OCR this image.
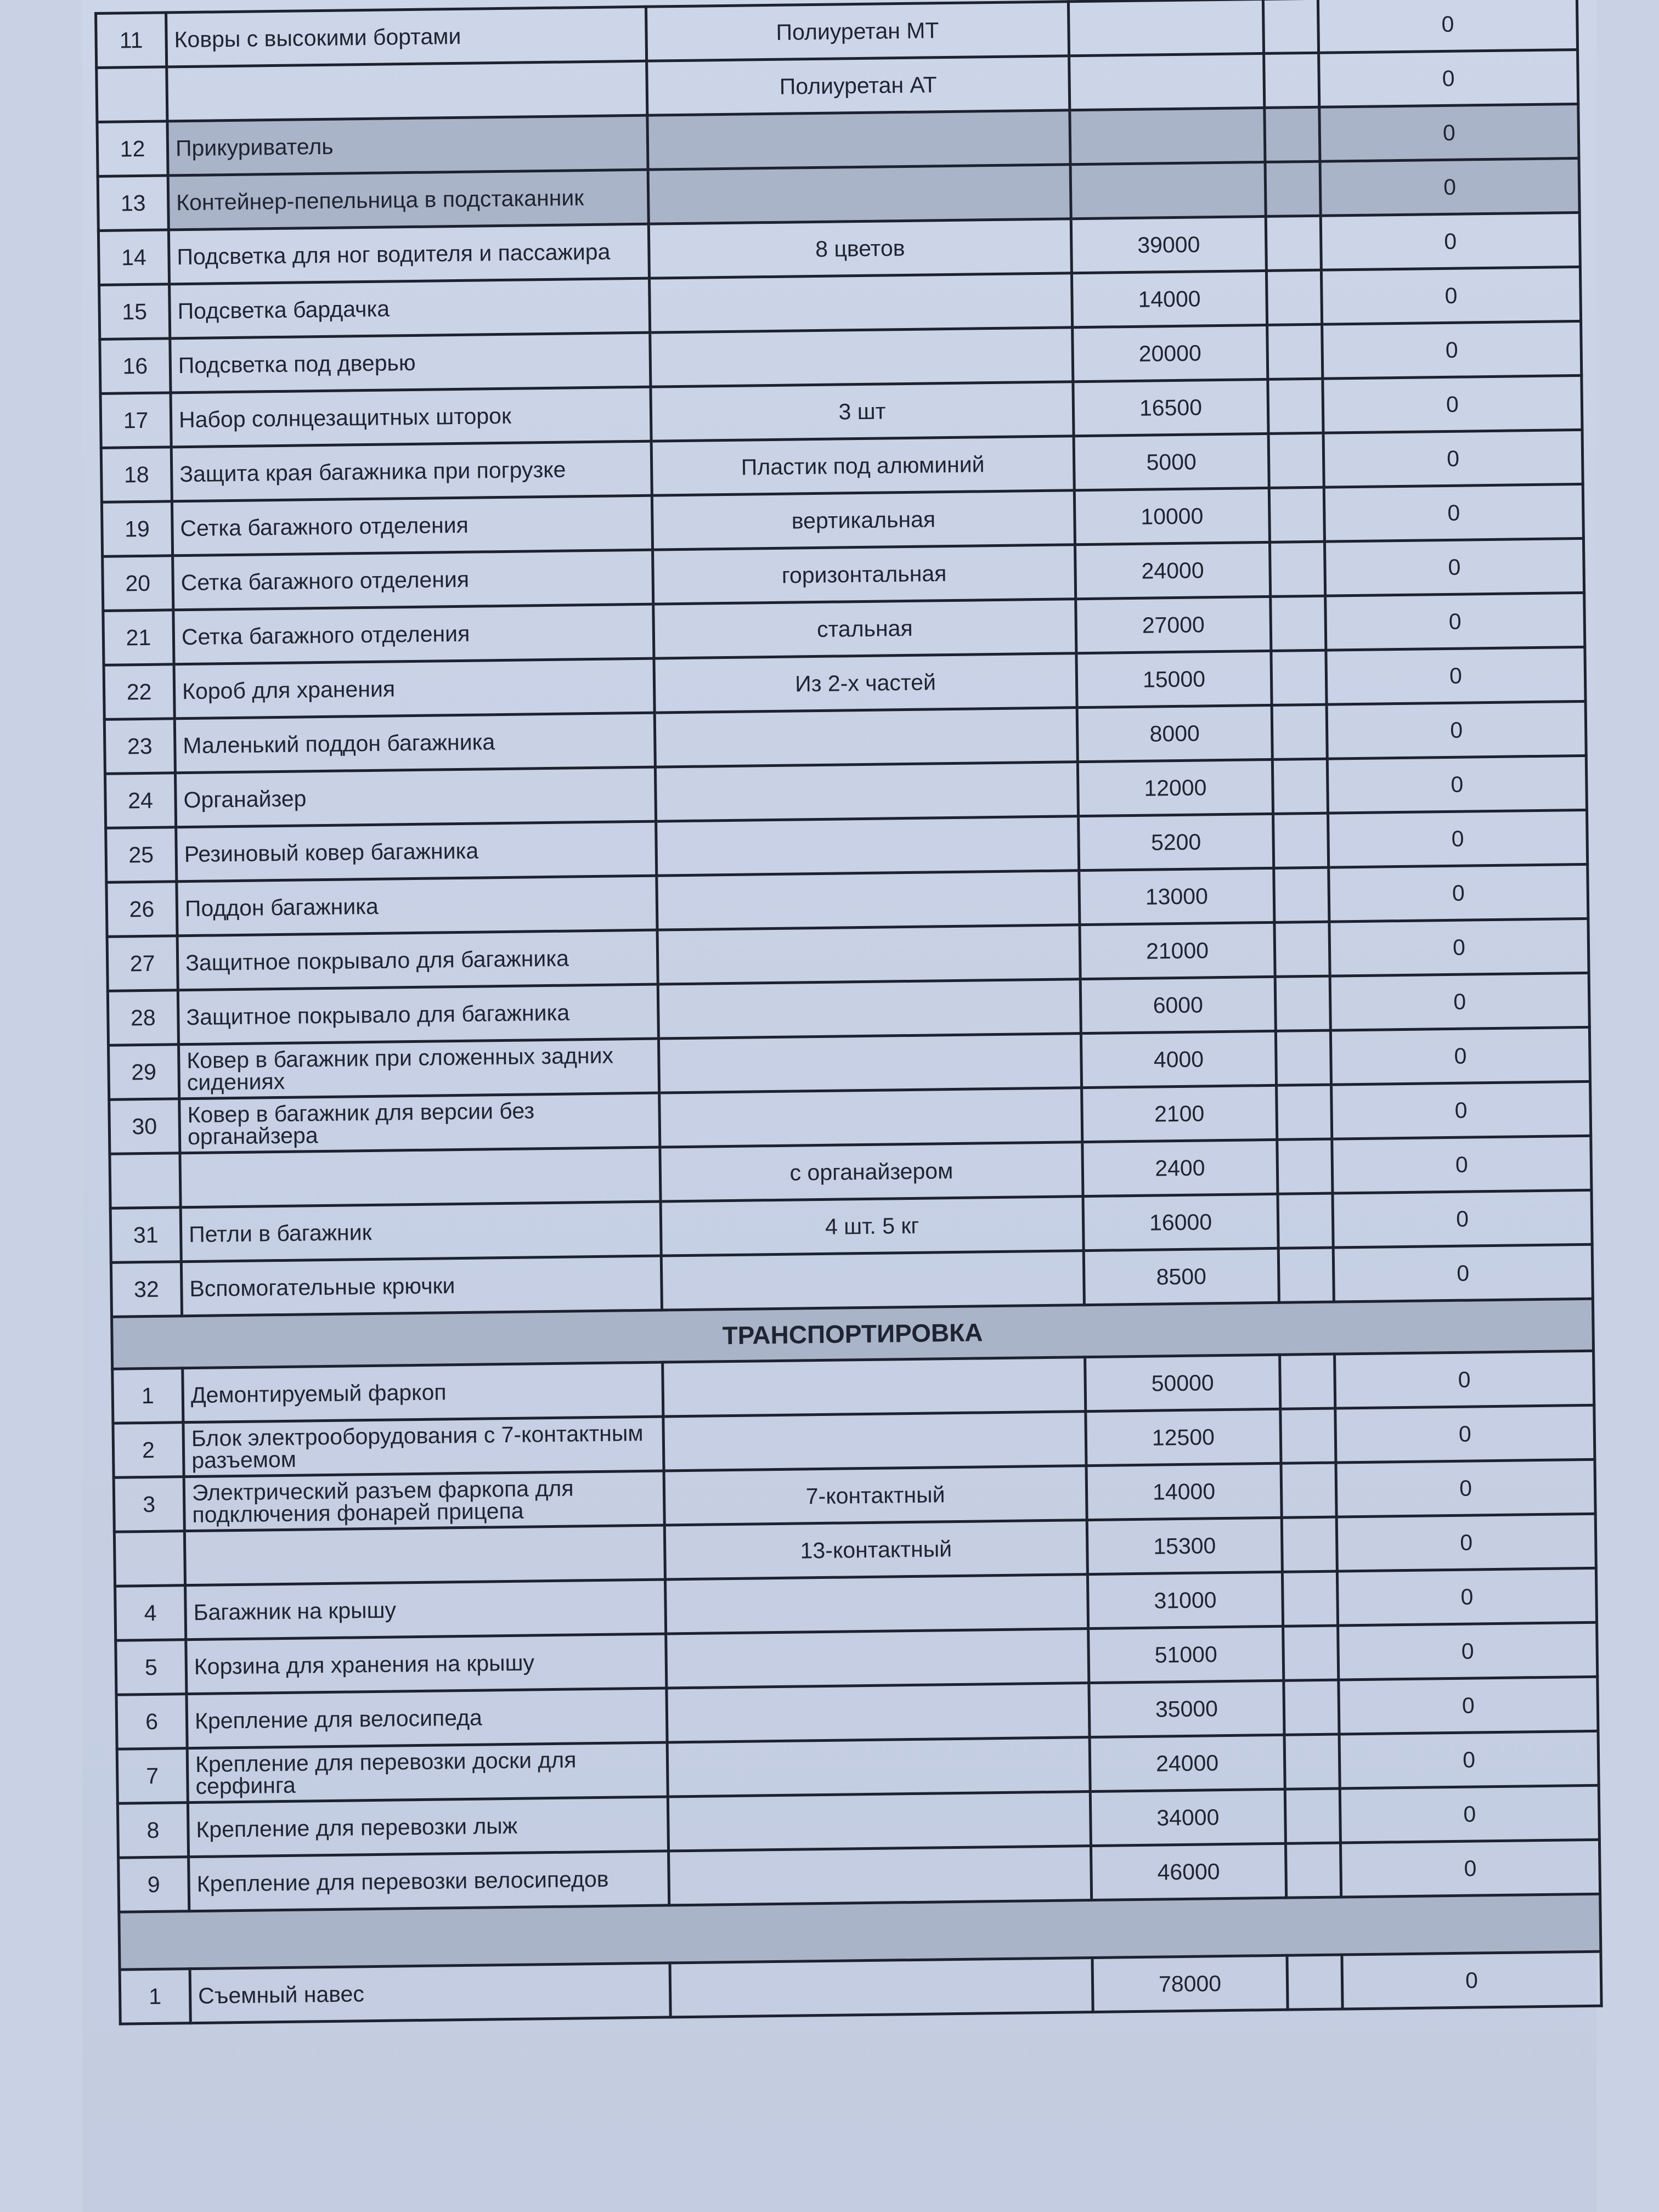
11	Ковры с высокими бортами	Полиуретан МТ			0
		Полиуретан АТ			0
12	Прикуриватель				0
13	Контейнер-пепельница в подстаканник				0
14	Подсветка для ног водителя и пассажира	8 цветов	39000		0
15	Подсветка бардачка		14000		0
16	Подсветка под дверью		20000		0
17	Набор солнцезащитных шторок	3 шт	16500		0
18	Защита края багажника при погрузке	Пластик под алюминий	5000		0
19	Сетка багажного отделения	вертикальная	10000		0
20	Сетка багажного отделения	горизонтальная	24000		0
21	Сетка багажного отделения	стальная	27000		0
22	Короб для хранения	Из 2-х частей	15000		0
23	Маленький поддон багажника		8000		0
24	Органайзер		12000		0
25	Резиновый ковер багажника		5200		0
26	Поддон багажника		13000		0
27	Защитное покрывало для багажника		21000		0
28	Защитное покрывало для багажника		6000		0
29	Ковер в багажник при сложенных задних сидениях		4000		0
30	Ковер в багажник для версии без органайзера		2100		0
		с органайзером	2400		0
31	Петли в багажник	4 шт. 5 кг	16000		0
32	Вспомогательные крючки		8500		0
ТРАНСПОРТИРОВКА					
1	Демонтируемый фаркоп		50000		0
2	Блок электрооборудования с 7-контактным разъемом		12500		0
3	Электрический разъем фаркопа для подключения фонарей прицепа	7-контактный	14000		0
		13-контактный	15300		0
4	Багажник на крышу		31000		0
5	Корзина для хранения на крышу		51000		0
6	Крепление для велосипеда		35000		0
7	Крепление для перевозки доски для серфинга		24000		0
8	Крепление для перевозки лыж		34000		0
9	Крепление для перевозки велосипедов		46000		0

1	Съемный навес		78000		0
